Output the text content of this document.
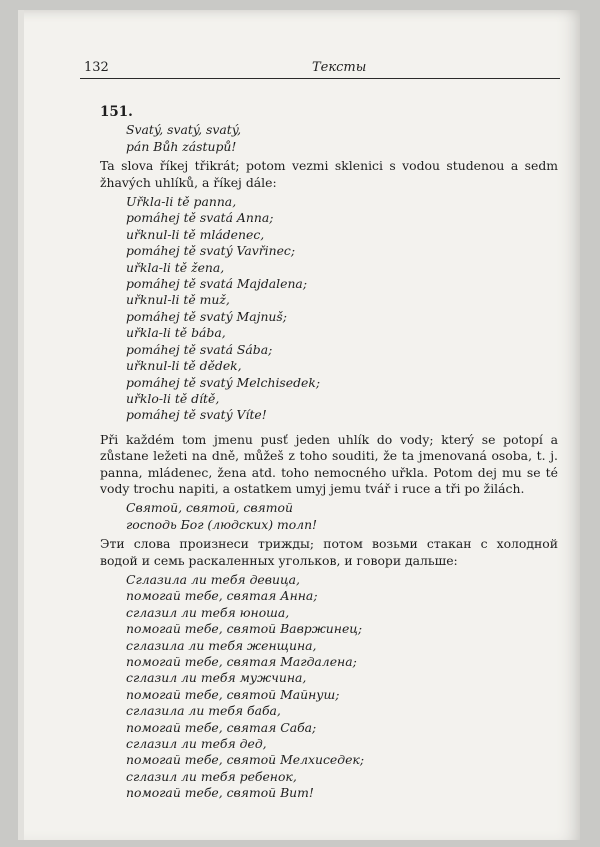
132	Тексты
151.
Svatý, svatý, svatý,
pán Bůh zástupů!

Ta slova říkej třikrát; potom vezmi sklenici s vodou studenou a sedm žhavých uhlíků, a říkej dále:

Uřkla-li tě panna,
pomáhej tě svatá Anna;
uřknul-li tě mládenec,
pomáhej tě svatý Vavřinec;
uřkla-li tě žena,
pomáhej tě svatá Majdalena;
uřknul-li tě muž,
pomáhej tě svatý Majnuš;
uřkla-li tě bába,
pomáhej tě svatá Sába;
uřknul-li tě dědek,
pomáhej tě svatý Melchisedek;
uřklo-li tě dítě,
pomáhej tě svatý Víte!

Při každém tom jmenu pusť jeden uhlík do vody; který se potopí a zůstane ležeti na dně, můžeš z toho souditi, že ta jmenovaná osoba, t. j. panna, mládenec, žena atd. toho nemocného uřkla. Potom dej mu se té vody trochu napiti, a ostatkem umyj jemu tvář i ruce a tři po žilách.

Святой, святой, святой
господь Бог (людских) толп!

Эти слова произнеси трижды; потом возьми стакан с холодной водой и семь раскаленных угольков, и говори дальше:

Сглазила ли тебя девица,
помогай тебе, святая Анна;
сглазил ли тебя юноша,
помогай тебе, святой Вавржинец;
сглазила ли тебя женщина,
помогай тебе, святая Магдалена;
сглазил ли тебя мужчина,
помогай тебе, святой Майнуш;
сглазила ли тебя баба,
помогай тебе, святая Саба;
сглазил ли тебя дед,
помогай тебе, святой Мелхиседек;
сглазил ли тебя ребенок,
помогай тебе, святой Вит!
